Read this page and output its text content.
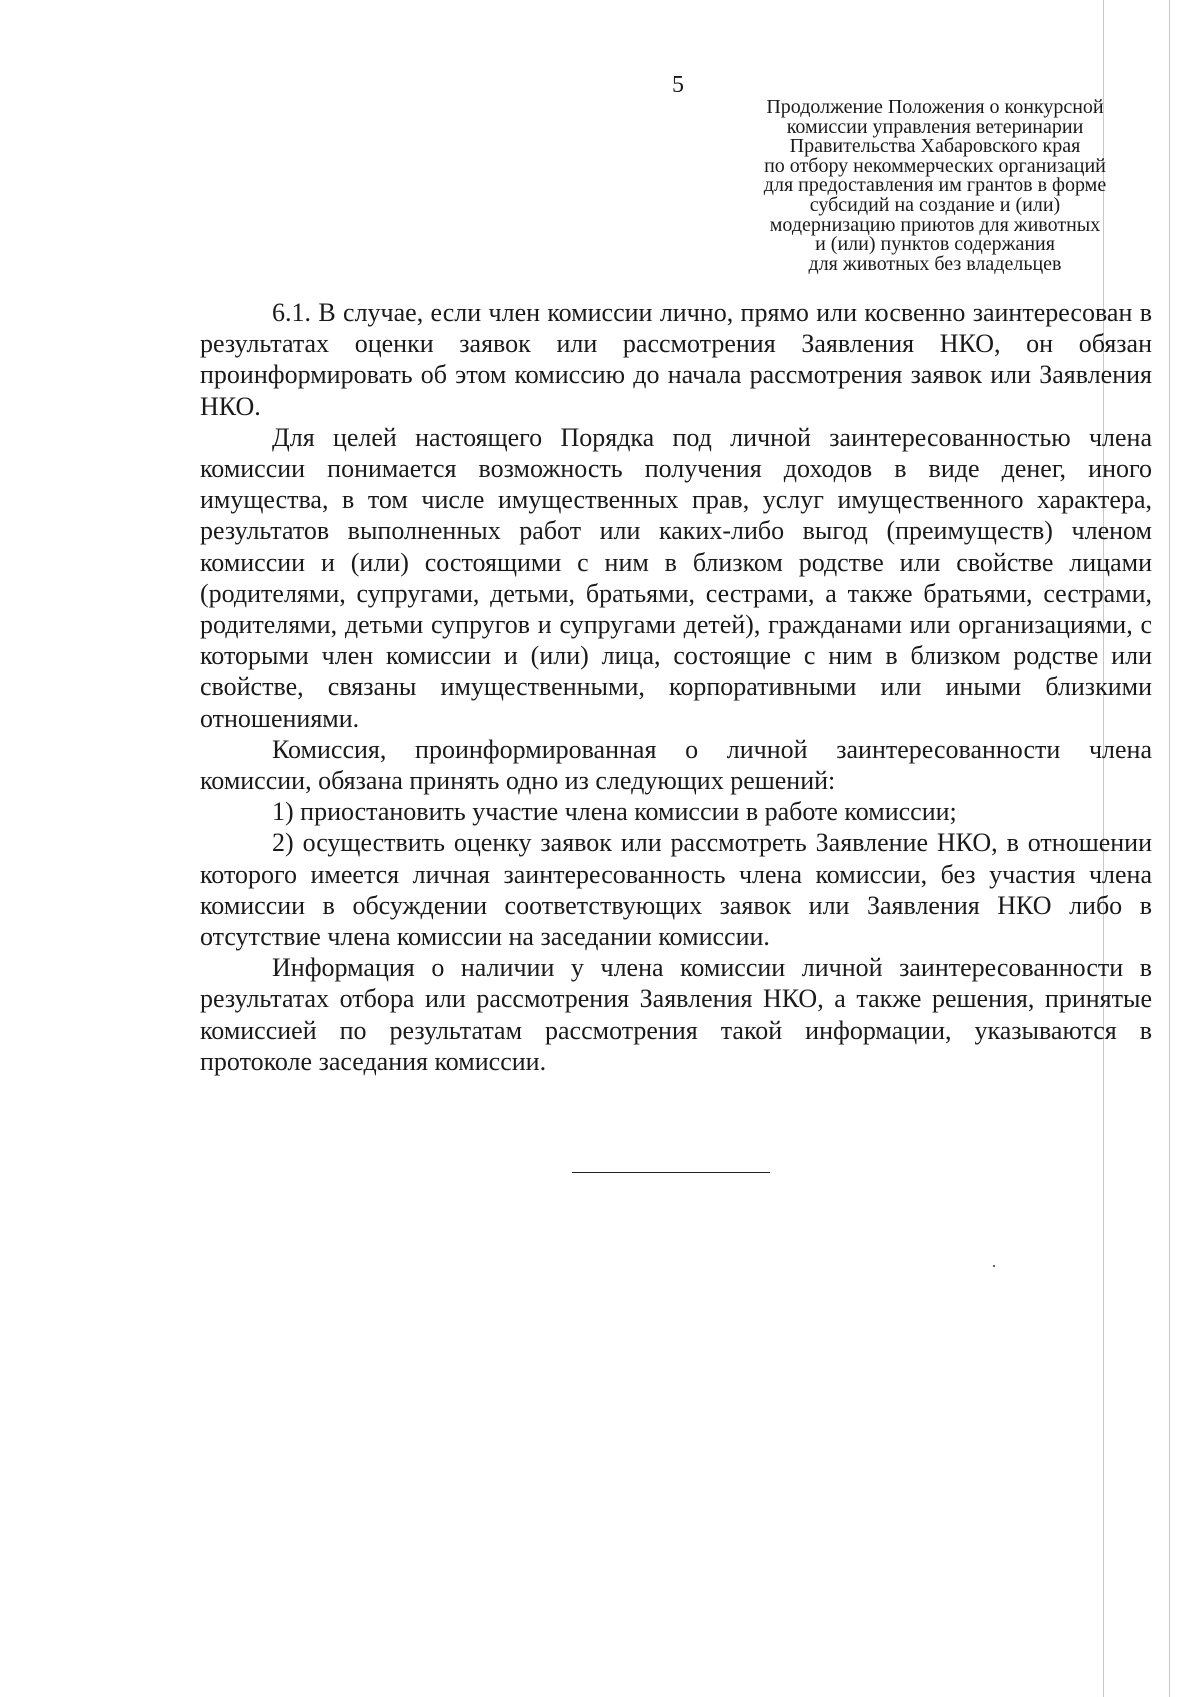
5
Продолжение Положения о конкурсной
комиссии управления ветеринарии
Правительства Хабаровского края
по отбору некоммерческих организаций
для предоставления им грантов в форме
субсидий на создание и (или)
модернизацию приютов для животных
и (или) пунктов содержания
для животных без владельцев

6.1. В случае, если член комиссии лично, прямо или косвенно заинтересован в результатах оценки заявок или рассмотрения Заявления НКО, он обязан проинформировать об этом комиссию до начала рассмотрения заявок или Заявления НКО.

Для целей настоящего Порядка под личной заинтересованностью члена комиссии понимается возможность получения доходов в виде денег, иного имущества, в том числе имущественных прав, услуг имущественного характера, результатов выполненных работ или каких-либо выгод (преимуществ) членом комиссии и (или) состоящими с ним в близком родстве или свойстве лицами (родителями, супругами, детьми, братьями, сестрами, а также братьями, сестрами, родителями, детьми супругов и супругами детей), гражданами или организациями, с которыми член комиссии и (или) лица, состоящие с ним в близком родстве или свойстве, связаны имущественными, корпоративными или иными близкими отношениями.

Комиссия, проинформированная о личной заинтересованности члена комиссии, обязана принять одно из следующих решений:

1) приостановить участие члена комиссии в работе комиссии;

2) осуществить оценку заявок или рассмотреть Заявление НКО, в отношении которого имеется личная заинтересованность члена комиссии, без участия члена комиссии в обсуждении соответствующих заявок или Заявления НКО либо в отсутствие члена комиссии на заседании комиссии.

Информация о наличии у члена комиссии личной заинтересованности в результатах отбора или рассмотрения Заявления НКО, а также решения, принятые комиссией по результатам рассмотрения такой информации, указываются в протоколе заседания комиссии.
